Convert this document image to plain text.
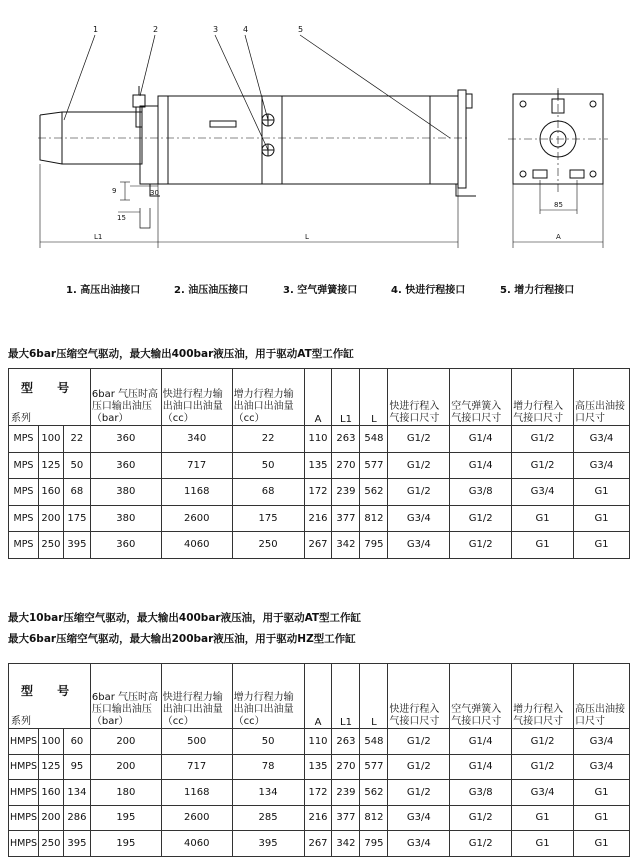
1	2	3	4	5
9	30
15
L1	L
85
A
1. 高压出油接口	2. 油压油压接口	3. 空气弹簧接口	4. 快进行程接口	5. 增力行程接口
最大6bar压缩空气驱动，最大输出400bar液压油，用于驱动AT型工作缸
型 号
系列			6bar 气压时高压口输出油压（bar）	快进行程力输出油口出油量（cc）	增力行程力输出油口出油量（cc）	A	L1	L	快进行程入气接口尺寸	空气弹簧入气接口尺寸	增力行程入气接口尺寸	高压出油接口尺寸
MPS	100	22	360	340	22	110	263	548	G1/2	G1/4	G1/2	G3/4
MPS	125	50	360	717	50	135	270	577	G1/2	G1/4	G1/2	G3/4
MPS	160	68	380	1168	68	172	239	562	G1/2	G3/8	G3/4	G1
MPS	200	175	380	2600	175	216	377	812	G3/4	G1/2	G1	G1
MPS	250	395	360	4060	250	267	342	795	G3/4	G1/2	G1	G1
最大10bar压缩空气驱动，最大输出400bar液压油，用于驱动AT型工作缸
最大6bar压缩空气驱动，最大输出200bar液压油，用于驱动HZ型工作缸
型 号
系列			6bar 气压时高压口输出油压（bar）	快进行程力输出油口出油量（cc）	增力行程力输出油口出油量（cc）	A	L1	L	快进行程入气接口尺寸	空气弹簧入气接口尺寸	增力行程入气接口尺寸	高压出油接口尺寸
HMPS	100	60	200	500	50	110	263	548	G1/2	G1/4	G1/2	G3/4
HMPS	125	95	200	717	78	135	270	577	G1/2	G1/4	G1/2	G3/4
HMPS	160	134	180	1168	134	172	239	562	G1/2	G3/8	G3/4	G1
HMPS	200	286	195	2600	285	216	377	812	G3/4	G1/2	G1	G1
HMPS	250	395	195	4060	395	267	342	795	G3/4	G1/2	G1	G1
